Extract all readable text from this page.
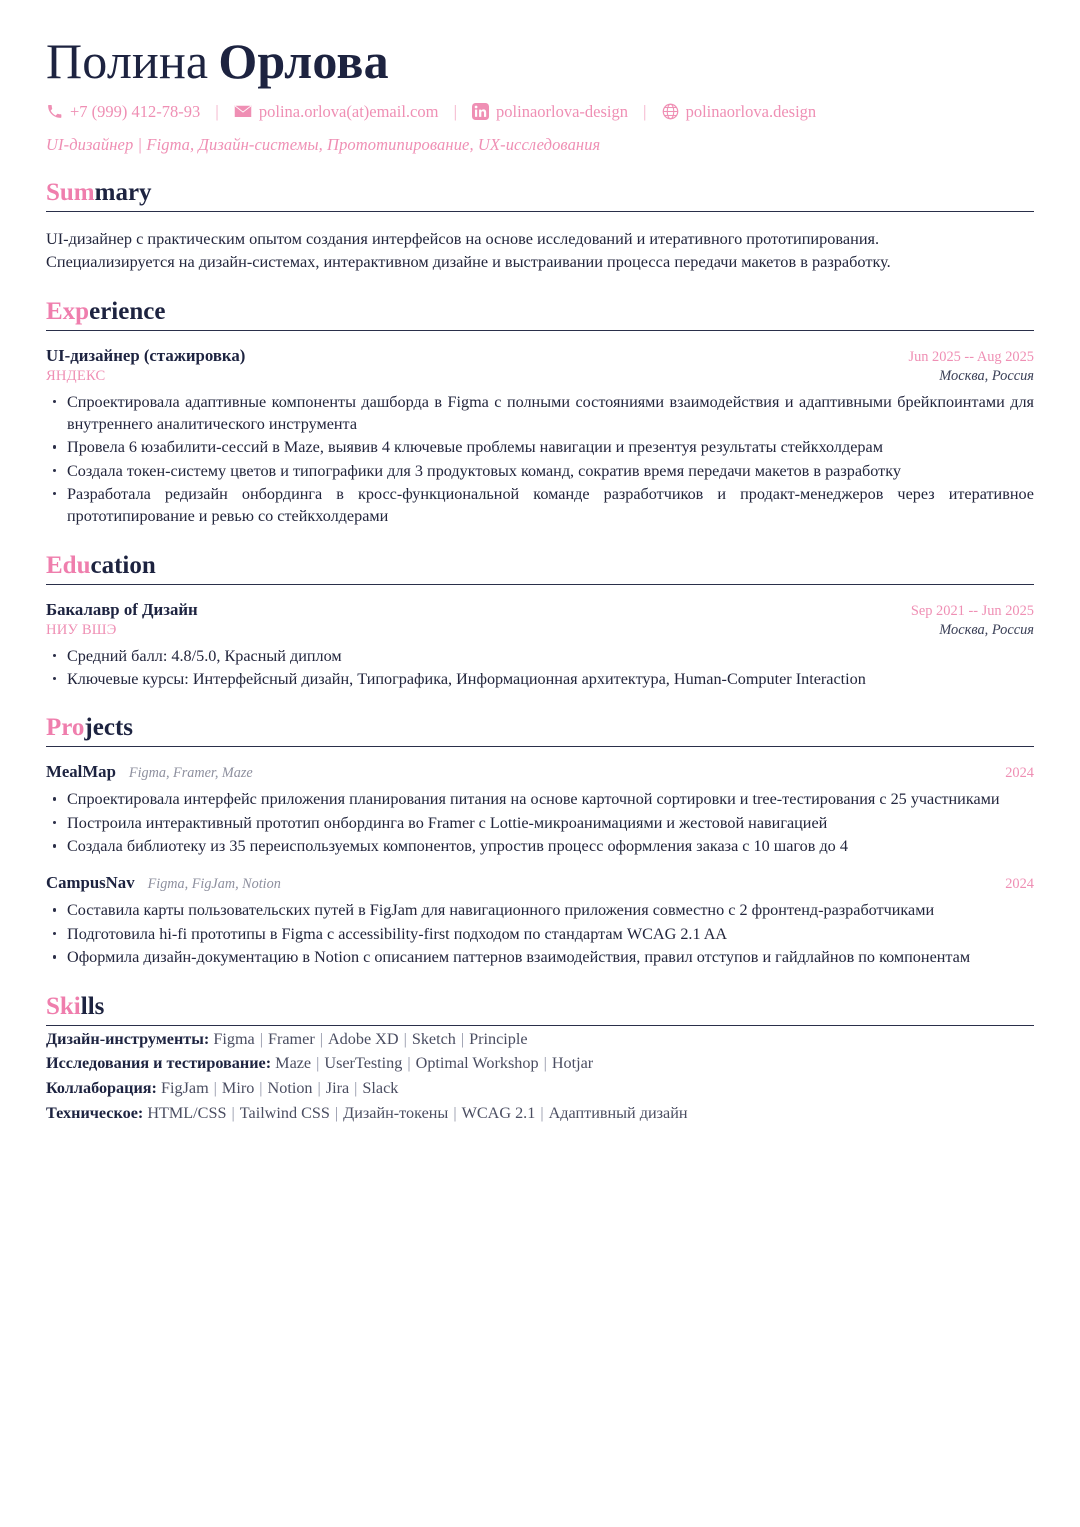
Полина Орлова
+7 (999) 412-78-93 | polina.orlova(at)email.com | polinaorlova-design | polinaorlova.design
UI-дизайнер | Figma, Дизайн-системы, Прототипирование, UX-исследования
Summary
UI-дизайнер с практическим опытом создания интерфейсов на основе исследований и итеративного прототипирования.
Специализируется на дизайн-системах, интерактивном дизайне и выстраивании процесса передачи макетов в разработку.
Experience
UI-дизайнер (стажировка)	Jun 2025 -- Aug 2025
ЯНДЕКС	Москва, Россия
Спроектировала адаптивные компоненты дашборда в Figma с полными состояниями взаимодействия и адаптивными брейкпоинтами для внутреннего аналитического инструмента
Провела 6 юзабилити-сессий в Maze, выявив 4 ключевые проблемы навигации и презентуя результаты стейкхолдерам
Создала токен-систему цветов и типографики для 3 продуктовых команд, сократив время передачи макетов в разработку
Разработала редизайн онбординга в кросс-функциональной команде разработчиков и продакт-менеджеров через итеративное прототипирование и ревью со стейкхолдерами
Education
Бакалавр of Дизайн	Sep 2021 -- Jun 2025
НИУ ВШЭ	Москва, Россия
Средний балл: 4.8/5.0, Красный диплом
Ключевые курсы: Интерфейсный дизайн, Типографика, Информационная архитектура, Human-Computer Interaction
Projects
MealMap Figma, Framer, Maze	2024
Спроектировала интерфейс приложения планирования питания на основе карточной сортировки и tree-тестирования с 25 участниками
Построила интерактивный прототип онбординга во Framer с Lottie-микроанимациями и жестовой навигацией
Создала библиотеку из 35 переиспользуемых компонентов, упростив процесс оформления заказа с 10 шагов до 4
CampusNav Figma, FigJam, Notion	2024
Составила карты пользовательских путей в FigJam для навигационного приложения совместно с 2 фронтенд-разработчиками
Подготовила hi-fi прототипы в Figma с accessibility-first подходом по стандартам WCAG 2.1 AA
Оформила дизайн-документацию в Notion с описанием паттернов взаимодействия, правил отступов и гайдлайнов по компонентам
Skills
Дизайн-инструменты: Figma | Framer | Adobe XD | Sketch | Principle
Исследования и тестирование: Maze | UserTesting | Optimal Workshop | Hotjar
Коллаборация: FigJam | Miro | Notion | Jira | Slack
Техническое: HTML/CSS | Tailwind CSS | Дизайн-токены | WCAG 2.1 | Адаптивный дизайн
